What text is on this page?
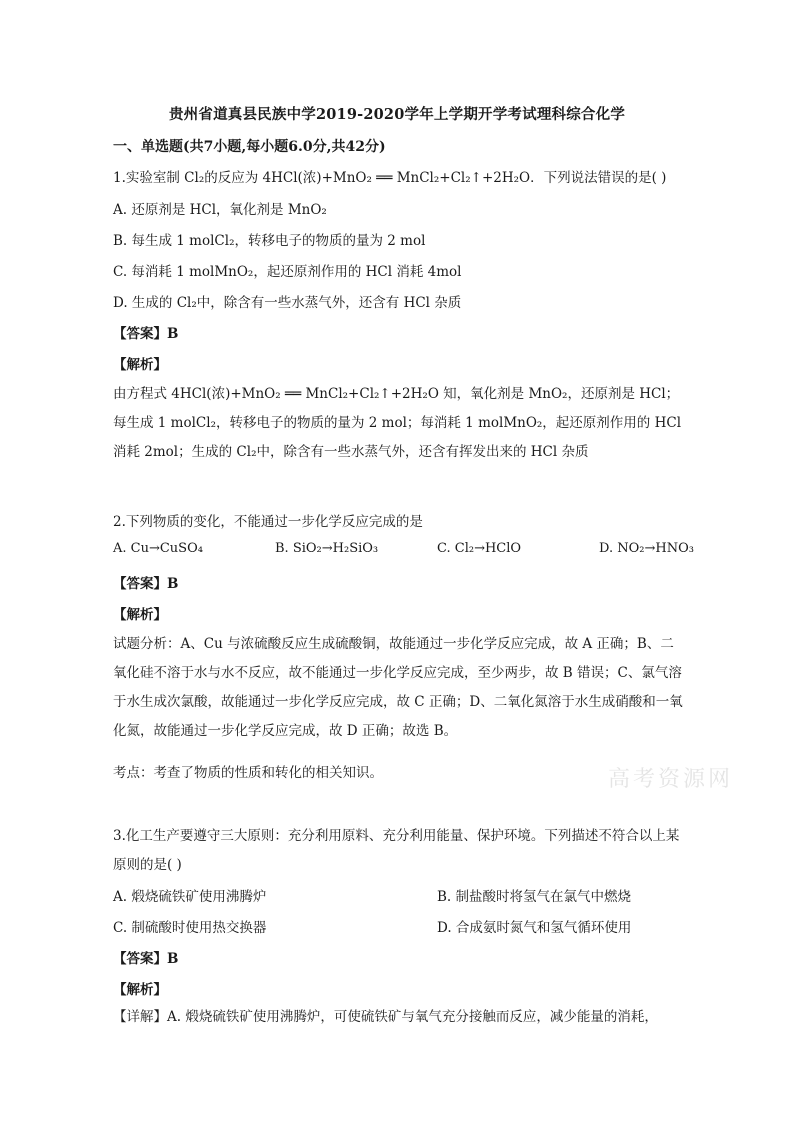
贵州省道真县民族中学2019-2020学年上学期开学考试理科综合化学
一、单选题(共7小题,每小题6.0分,共42分)
1.实验室制 Cl₂的反应为 4HCl(浓)+MnO₂ ══ MnCl₂+Cl₂↑+2H₂O．下列说法错误的是( )
A. 还原剂是 HCl，氧化剂是 MnO₂
B. 每生成 1 molCl₂，转移电子的物质的量为 2 mol
C. 每消耗 1 molMnO₂，起还原剂作用的 HCl 消耗 4mol
D. 生成的 Cl₂中，除含有一些水蒸气外，还含有 HCl 杂质
【答案】B
【解析】
由方程式 4HCl(浓)+MnO₂ ══ MnCl₂+Cl₂↑+2H₂O 知，氧化剂是 MnO₂，还原剂是 HCl；每生成 1 molCl₂，转移电子的物质的量为 2 mol；每消耗 1 molMnO₂，起还原剂作用的 HCl 消耗 2mol；生成的 Cl₂中，除含有一些水蒸气外，还含有挥发出来的 HCl 杂质
2.下列物质的变化，不能通过一步化学反应完成的是
A. Cu→CuSO₄	B. SiO₂→H₂SiO₃	C. Cl₂→HClO	D. NO₂→HNO₃
【答案】B
【解析】
试题分析：A、Cu 与浓硫酸反应生成硫酸铜，故能通过一步化学反应完成，故 A 正确；B、二氧化硅不溶于水与水不反应，故不能通过一步化学反应完成，至少两步，故 B 错误；C、氯气溶于水生成次氯酸，故能通过一步化学反应完成，故 C 正确；D、二氧化氮溶于水生成硝酸和一氧化氮，故能通过一步化学反应完成，故 D 正确；故选 B。
考点：考查了物质的性质和转化的相关知识。	高考资源网
3.化工生产要遵守三大原则：充分利用原料、充分利用能量、保护环境。下列描述不符合以上某原则的是( )
A. 煅烧硫铁矿使用沸腾炉	B. 制盐酸时将氢气在氯气中燃烧
C. 制硫酸时使用热交换器	D. 合成氨时氮气和氢气循环使用
【答案】B
【解析】
【详解】A. 煅烧硫铁矿使用沸腾炉，可使硫铁矿与氧气充分接触而反应，减少能量的消耗，
